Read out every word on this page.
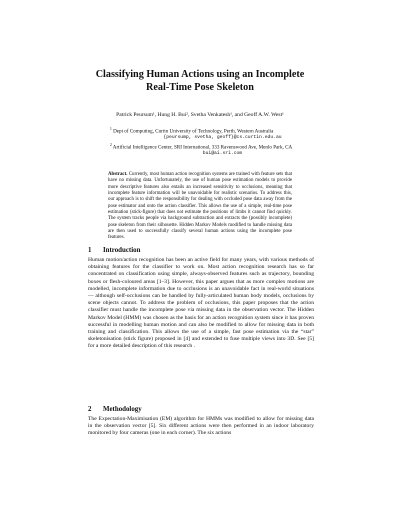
Classifying Human Actions using an Incomplete
Real-Time Pose Skeleton

Patrick Peursum¹, Hung H. Bui², Svetha Venkatesh¹, and Geoff A.W. West¹

$^1$ Dept of Computing, Curtin University of Technology, Perth, Western Australia
{peursump, svetha, geoff}@cs.curtin.edu.au
$^2$ Artificial Intelligence Center, SRI International, 333 Ravenswood Ave, Menlo Park, CA
bui@ai.sri.com

Abstract. Currently, most human action recognition systems are trained with feature sets that have no missing data. Unfortunately, the use of human pose estimation models to provide more descriptive features also entails an increased sensitivity to occlusions, meaning that incomplete feature information will be unavoidable for realistic scenarios. To address this, our approach is to shift the responsibility for dealing with occluded pose data away from the pose estimator and onto the action classifier. This allows the use of a simple, real-time pose estimation (stick-figure) that does not estimate the positions of limbs it cannot find quickly. The system tracks people via background subtraction and extracts the (possibly incomplete) pose skeleton from their silhouette. Hidden Markov Models modified to handle missing data are then used to successfully classify several human actions using the incomplete pose features.

1 Introduction

Human motion/action recognition has been an active field for many years, with various methods of obtaining features for the classifier to work on. Most action recognition research has so far concentrated on classification using simple, always-observed features such as trajectory, bounding boxes or flesh-coloured areas [1–3]. However, this paper argues that as more complex motions are modelled, incomplete information due to occlusions is an unavoidable fact in real-world situations — although self-occlusions can be handled by fully-articulated human body models, occlusions by scene objects cannot. To address the problem of occlusions, this paper proposes that the action classifier must handle the incomplete pose via missing data in the observation vector. The Hidden Markov Model (HMM) was chosen as the basis for an action recognition system since it has proven successful in modelling human motion and can also be modified to allow for missing data in both training and classification. This allows the use of a simple, fast pose estimation via the “star” skeletonisation (stick figure) proposed in [4] and extended to fuse multiple views into 3D. See [5] for a more detailed description of this research .

2 Methodology

The Expectation-Maximisation (EM) algorithm for HMMs was modified to allow for missing data in the observation vector [5]. Six different actions were then performed in an indoor laboratory monitored by four cameras (one in each corner). The six actions
